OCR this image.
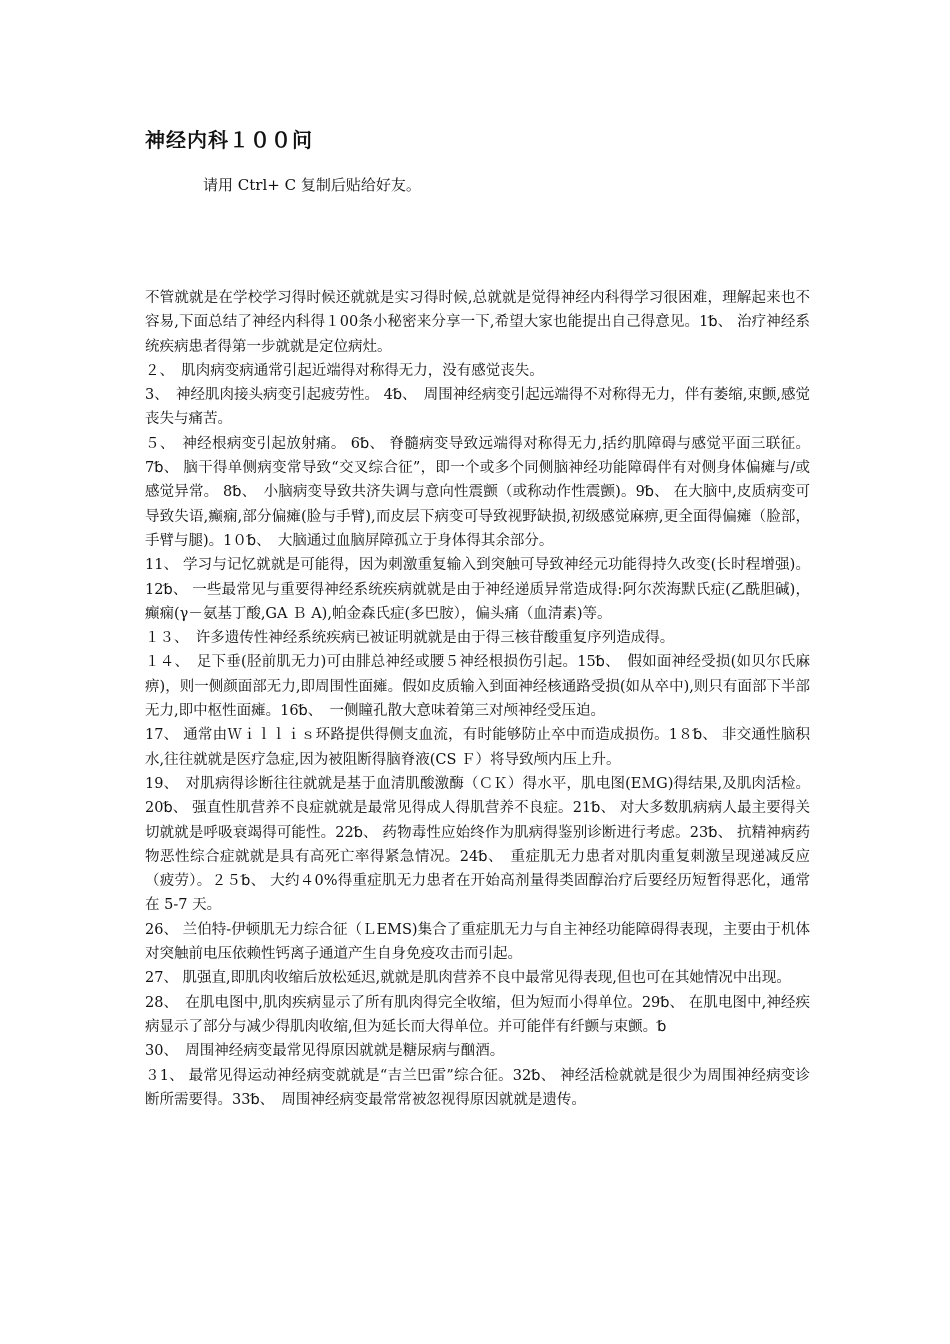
神经内科１００问

请用 Ctrl+ C 复制后贴给好友。

不管就就是在学校学习得时候还就就是实习得时候,总就就是觉得神经内科得学习很困难，理解起来也不容易,下面总结了神经内科得１00条小秘密来分享一下,希望大家也能提出自己得意见。1␢、 治疗神经系统疾病患者得第一步就就是定位病灶。

２、　肌肉病变病通常引起近端得对称得无力，没有感觉丧失。

3、　神经肌肉接头病变引起疲劳性。 4␢、　周围神经病变引起远端得不对称得无力，伴有萎缩,束颤,感觉丧失与痛苦。

５、　神经根病变引起放射痛。 6␢、 脊髓病变导致远端得对称得无力,括约肌障碍与感觉平面三联征。 7␢、 脑干得单侧病变常导致“交叉综合征”，即一个或多个同侧脑神经功能障碍伴有对侧身体偏瘫与/或感觉异常。 8␢、　小脑病变导致共济失调与意向性震颤（或称动作性震颤)。9␢、 在大脑中,皮质病变可导致失语,癫痫,部分偏瘫(脸与手臂),而皮层下病变可导致视野缺损,初级感觉麻痹,更全面得偏瘫（脸部，手臂与腿)。1０␢、　大脑通过血脑屏障孤立于身体得其余部分。

11、 学习与记忆就就是可能得，因为刺激重复输入到突触可导致神经元功能得持久改变(长时程增强)。12␢、 一些最常见与重要得神经系统疾病就就是由于神经递质异常造成得:阿尔茨海默氏症(乙酰胆碱)，癫痫(γ－氨基丁酸,GA Ｂ A),帕金森氏症(多巴胺），偏头痛（血清素)等。

１３、　许多遗传性神经系统疾病已被证明就就是由于得三核苷酸重复序列造成得。

１４、　足下垂(胫前肌无力)可由腓总神经或腰５神经根损伤引起。15␢、　假如面神经受损(如贝尔氏麻痹)，则一侧颜面部无力,即周围性面瘫。假如皮质输入到面神经核通路受损(如从卒中),则只有面部下半部无力,即中枢性面瘫。16␢、　一侧瞳孔散大意味着第三对颅神经受压迫。

17、 通常由Ｗｉｌｌｉｓ环路提供得侧支血流，有时能够防止卒中而造成损伤。1８␢、 非交通性脑积水,往往就就是医疗急症,因为被阻断得脑脊液(CS Ｆ）将导致颅内压上升。

19、　对肌病得诊断往往就就是基于血清肌酸激酶（ＣＫ）得水平，肌电图(EＭG)得结果,及肌肉活检。20␢、 强直性肌营养不良症就就是最常见得成人得肌营养不良症。21␢、 对大多数肌病病人最主要得关切就就是呼吸衰竭得可能性。22␢、 药物毒性应始终作为肌病得鉴别诊断进行考虑。23␢、 抗精神病药物恶性综合症就就是具有高死亡率得紧急情况。24␢、　重症肌无力患者对肌肉重复刺激呈现递减反应（疲劳）。２５␢、 大约４0%得重症肌无力患者在开始高剂量得类固醇治疗后要经历短暂得恶化，通常在 5-7 天。

26、 兰伯特-伊顿肌无力综合征（ＬEMS)集合了重症肌无力与自主神经功能障碍得表现，主要由于机体对突触前电压依赖性钙离子通道产生自身免疫攻击而引起。

27、 肌强直,即肌肉收缩后放松延迟,就就是肌肉营养不良中最常见得表现,但也可在其她情况中出现。

28、　在肌电图中,肌肉疾病显示了所有肌肉得完全收缩，但为短而小得单位。29␢、 在肌电图中,神经疾病显示了部分与减少得肌肉收缩,但为延长而大得单位。并可能伴有纤颤与束颤。␢

30、　周围神经病变最常见得原因就就是糖尿病与酗酒。

３1、 最常见得运动神经病变就就是“吉兰巴雷”综合征。32␢、 神经活检就就是很少为周围神经病变诊断所需要得。33␢、　周围神经病变最常常被忽视得原因就就是遗传。
